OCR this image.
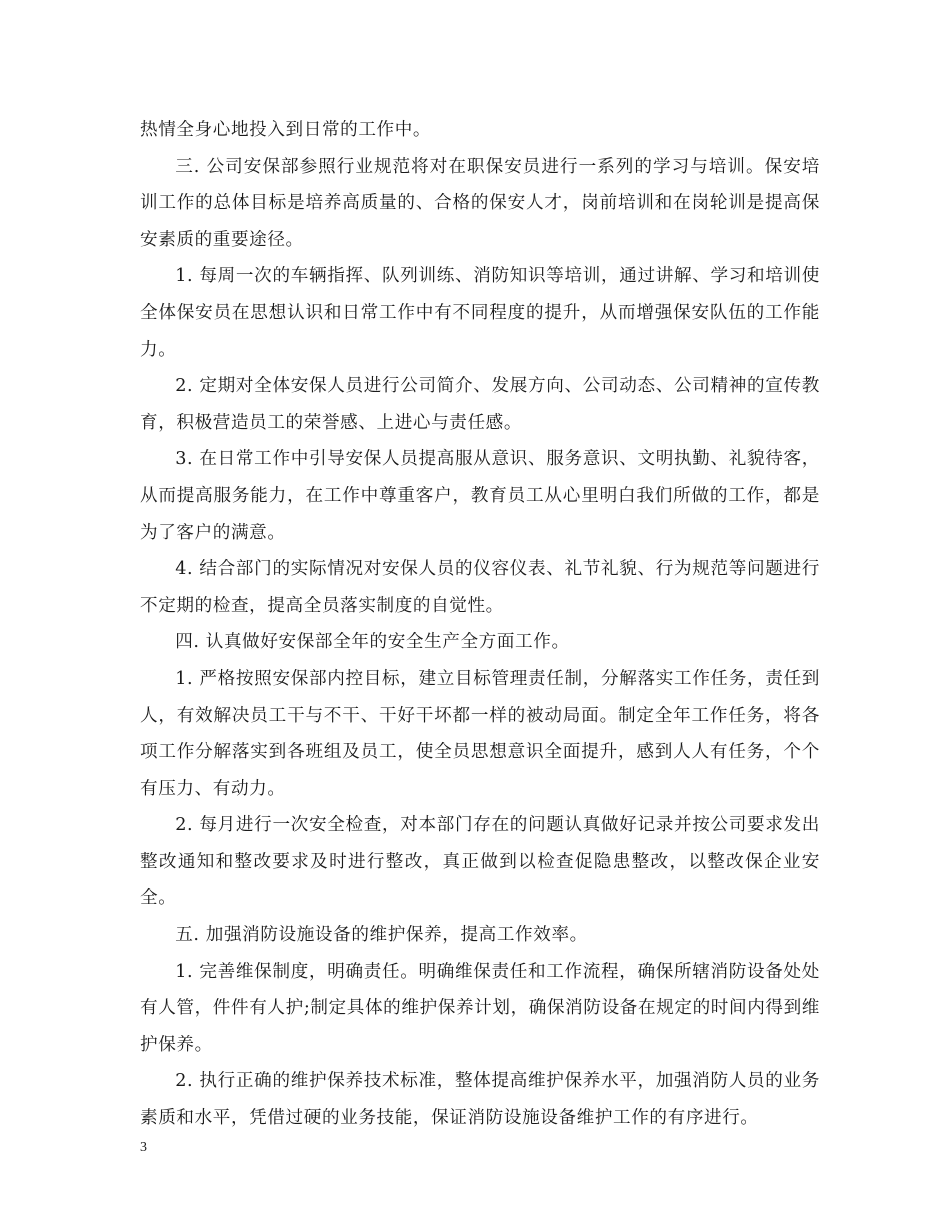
热情全身心地投入到日常的工作中。

三. 公司安保部参照行业规范将对在职保安员进行一系列的学习与培训。保安培训工作的总体目标是培养高质量的、合格的保安人才，岗前培训和在岗轮训是提高保安素质的重要途径。

1. 每周一次的车辆指挥、队列训练、消防知识等培训，通过讲解、学习和培训使全体保安员在思想认识和日常工作中有不同程度的提升，从而增强保安队伍的工作能力。

2. 定期对全体安保人员进行公司简介、发展方向、公司动态、公司精神的宣传教育，积极营造员工的荣誉感、上进心与责任感。

3. 在日常工作中引导安保人员提高服从意识、服务意识、文明执勤、礼貌待客，从而提高服务能力，在工作中尊重客户，教育员工从心里明白我们所做的工作，都是为了客户的满意。

4. 结合部门的实际情况对安保人员的仪容仪表、礼节礼貌、行为规范等问题进行不定期的检查，提高全员落实制度的自觉性。

四. 认真做好安保部全年的安全生产全方面工作。

1. 严格按照安保部内控目标，建立目标管理责任制，分解落实工作任务，责任到人，有效解决员工干与不干、干好干坏都一样的被动局面。制定全年工作任务，将各项工作分解落实到各班组及员工，使全员思想意识全面提升，感到人人有任务，个个有压力、有动力。

2. 每月进行一次安全检查，对本部门存在的问题认真做好记录并按公司要求发出整改通知和整改要求及时进行整改，真正做到以检查促隐患整改，以整改保企业安全。

五. 加强消防设施设备的维护保养，提高工作效率。

1. 完善维保制度，明确责任。明确维保责任和工作流程，确保所辖消防设备处处有人管，件件有人护;制定具体的维护保养计划，确保消防设备在规定的时间内得到维护保养。

2. 执行正确的维护保养技术标准，整体提高维护保养水平，加强消防人员的业务素质和水平，凭借过硬的业务技能，保证消防设施设备维护工作的有序进行。

3
